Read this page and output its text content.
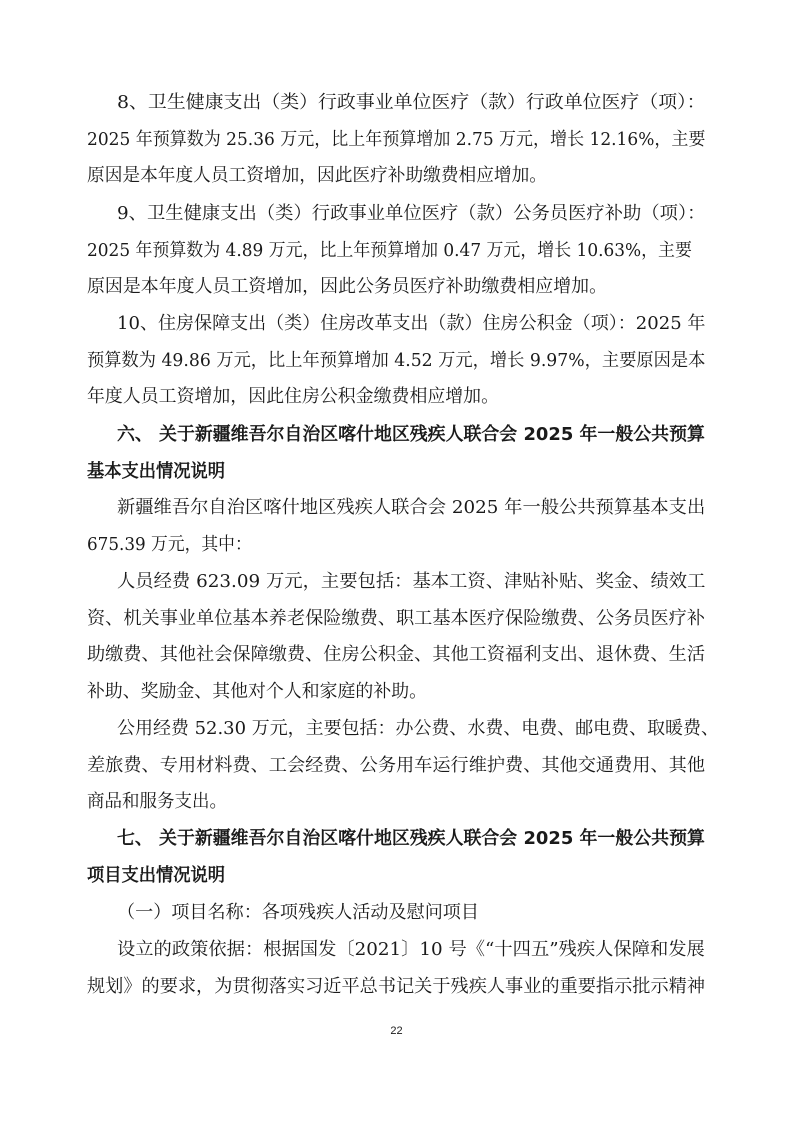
8、卫生健康支出（类）行政事业单位医疗（款）行政单位医疗（项）：
2025 年预算数为 25.36 万元，比上年预算增加 2.75 万元，增长 12.16%，主要
原因是本年度人员工资增加，因此医疗补助缴费相应增加。
9、卫生健康支出（类）行政事业单位医疗（款）公务员医疗补助（项）：
2025 年预算数为 4.89 万元，比上年预算增加 0.47 万元，增长 10.63%，主要
原因是本年度人员工资增加，因此公务员医疗补助缴费相应增加。
10、住房保障支出（类）住房改革支出（款）住房公积金（项）：2025 年
预算数为 49.86 万元，比上年预算增加 4.52 万元，增长 9.97%，主要原因是本
年度人员工资增加，因此住房公积金缴费相应增加。
六、 关于新疆维吾尔自治区喀什地区残疾人联合会 2025 年一般公共预算
基本支出情况说明
新疆维吾尔自治区喀什地区残疾人联合会 2025 年一般公共预算基本支出
675.39 万元，其中：
人员经费 623.09 万元，主要包括：基本工资、津贴补贴、奖金、绩效工
资、机关事业单位基本养老保险缴费、职工基本医疗保险缴费、公务员医疗补
助缴费、其他社会保障缴费、住房公积金、其他工资福利支出、退休费、生活
补助、奖励金、其他对个人和家庭的补助。
公用经费 52.30 万元，主要包括：办公费、水费、电费、邮电费、取暖费、
差旅费、专用材料费、工会经费、公务用车运行维护费、其他交通费用、其他
商品和服务支出。
七、 关于新疆维吾尔自治区喀什地区残疾人联合会 2025 年一般公共预算
项目支出情况说明
（一）项目名称：各项残疾人活动及慰问项目
设立的政策依据：根据国发〔2021〕10 号《“十四五”残疾人保障和发展
规划》的要求，为贯彻落实习近平总书记关于残疾人事业的重要指示批示精神
22
